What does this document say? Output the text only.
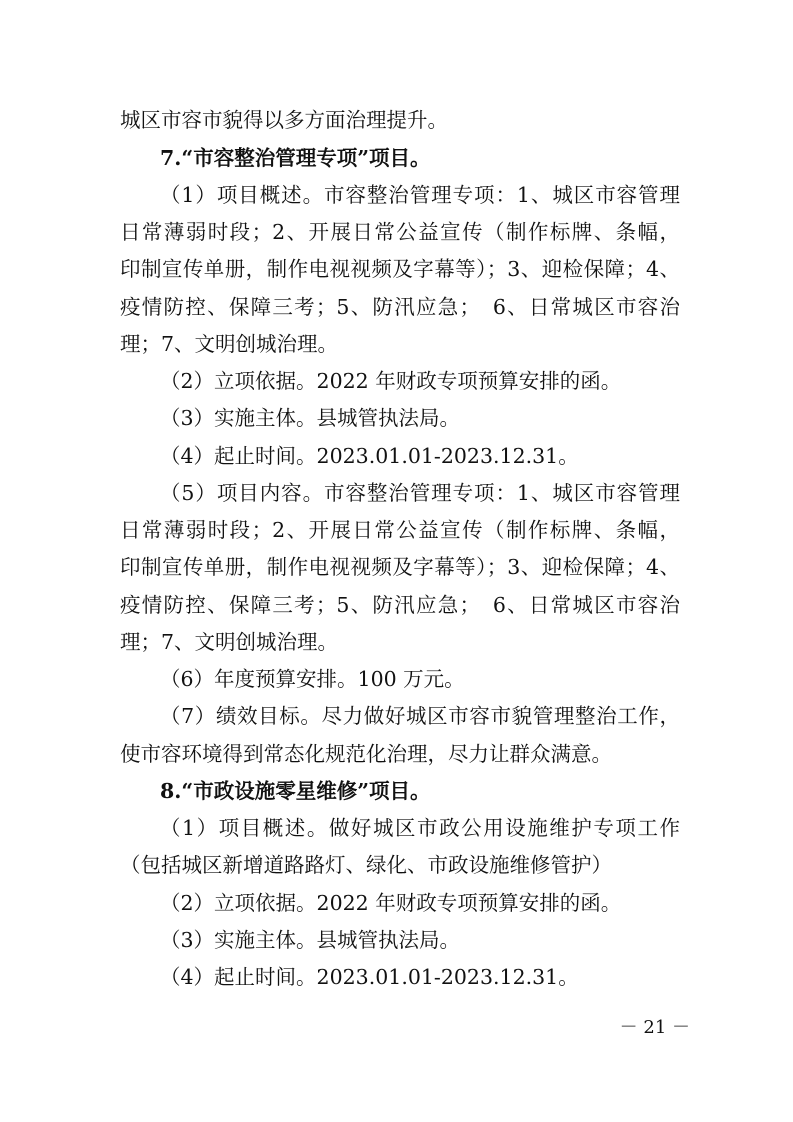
城区市容市貌得以多方面治理提升。
7.“市容整治管理专项”项目。
（1）项目概述。市容整治管理专项：1、城区市容管理
日常薄弱时段；2、开展日常公益宣传（制作标牌、条幅，
印制宣传单册，制作电视视频及字幕等）；3、迎检保障；4、
疫情防控、保障三考；5、防汛应急；　6、日常城区市容治
理；7、文明创城治理。
（2）立项依据。2022 年财政专项预算安排的函。
（3）实施主体。县城管执法局。
（4）起止时间。2023.01.01-2023.12.31。
（5）项目内容。市容整治管理专项：1、城区市容管理
日常薄弱时段；2、开展日常公益宣传（制作标牌、条幅，
印制宣传单册，制作电视视频及字幕等）；3、迎检保障；4、
疫情防控、保障三考；5、防汛应急；　6、日常城区市容治
理；7、文明创城治理。
（6）年度预算安排。100 万元。
（7）绩效目标。尽力做好城区市容市貌管理整治工作，
使市容环境得到常态化规范化治理，尽力让群众满意。
8.“市政设施零星维修”项目。
（1）项目概述。做好城区市政公用设施维护专项工作
（包括城区新增道路路灯、绿化、市政设施维修管护）
（2）立项依据。2022 年财政专项预算安排的函。
（3）实施主体。县城管执法局。
（4）起止时间。2023.01.01-2023.12.31。
－ 21 －
